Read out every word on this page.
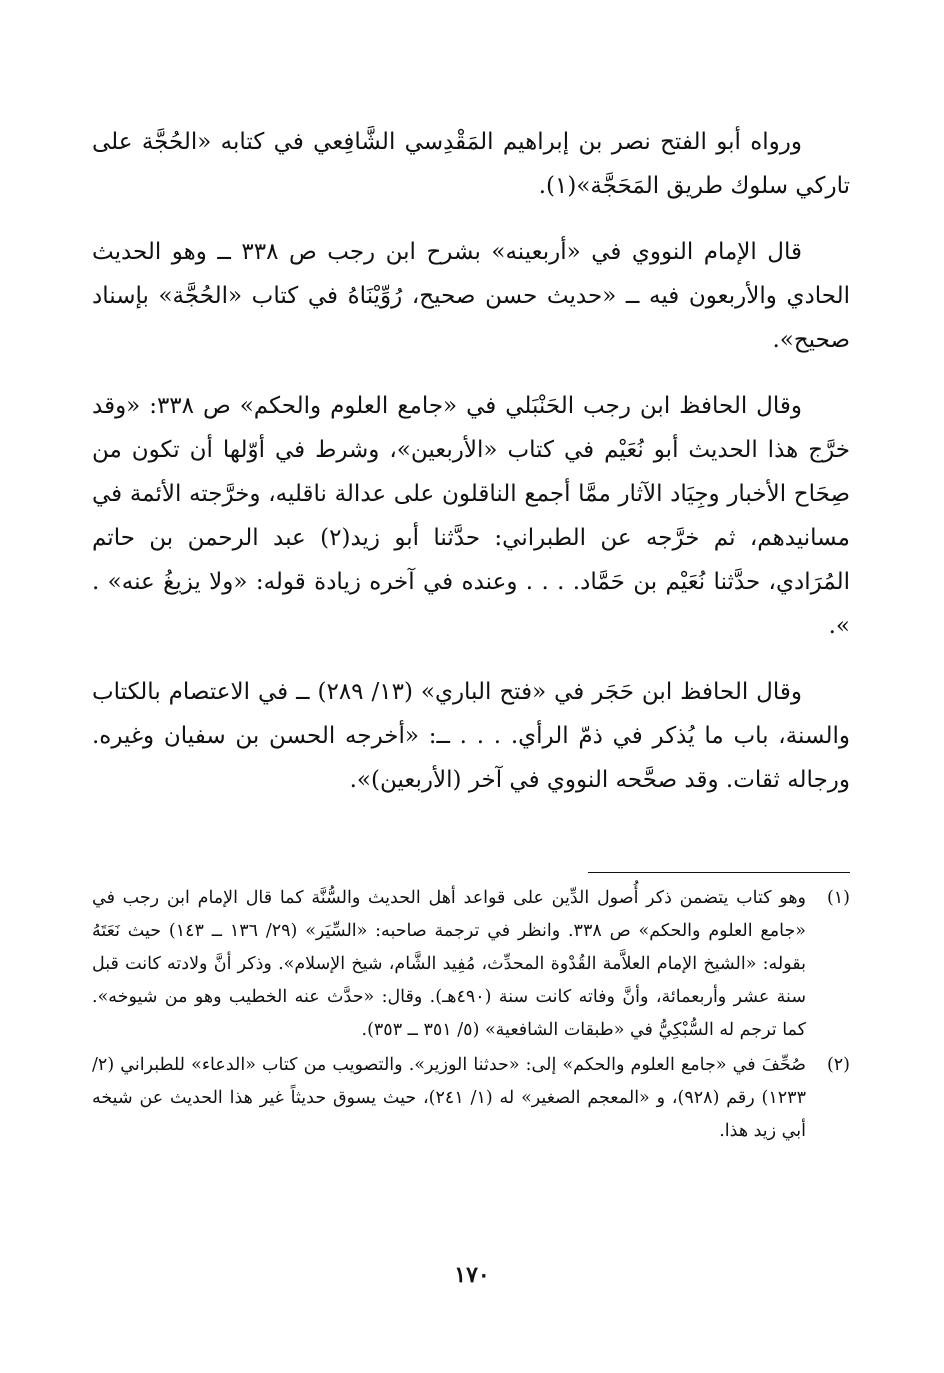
ورواه أبو الفتح نصر بن إبراهيم المَقْدِسي الشَّافِعي في كتابه «الحُجَّة على تاركي سلوك طريق المَحَجَّة»(١).

قال الإمام النووي في «أربعينه» بشرح ابن رجب ص ٣٣٨ ــ وهو الحديث الحادي والأربعون فيه ــ «حديث حسن صحيح، رُوِّيْنَاهُ في كتاب «الحُجَّة» بإسناد صحيح».

وقال الحافظ ابن رجب الحَنْبَلي في «جامع العلوم والحكم» ص ٣٣٨: «وقد خرَّج هذا الحديث أبو نُعَيْم في كتاب «الأربعين»، وشرط في أوّلها أن تكون من صِحَاح الأخبار وجِيَاد الآثار ممَّا أجمع الناقلون على عدالة ناقليه، وخرَّجته الأئمة في مسانيدهم، ثم خرَّجه عن الطبراني: حدَّثنا أبو زيد(٢) عبد الرحمن بن حاتم المُرَادي، حدَّثنا نُعَيْم بن حَمَّاد. . . . وعنده في آخره زيادة قوله: «ولا يزيغُ عنه» . ».

وقال الحافظ ابن حَجَر في «فتح الباري» (١٣/ ٢٨٩) ــ في الاعتصام بالكتاب والسنة، باب ما يُذكر في ذمّ الرأي. . . . ــ: «أخرجه الحسن بن سفيان وغيره. ورجاله ثقات. وقد صحَّحه النووي في آخر (الأربعين)».

(١)
وهو كتاب يتضمن ذكر أُصول الدِّين على قواعد أهل الحديث والسُّنَّة كما قال الإمام ابن رجب في «جامع العلوم والحكم» ص ٣٣٨. وانظر في ترجمة صاحبه: «السِّيَر» (٢٩/ ١٣٦ ــ ١٤٣) حيث نَعَتَهُ بقوله: «الشيخ الإمام العلاَّمة القُدْوة المحدِّث، مُفِيد الشَّام، شيخ الإسلام». وذكر أنَّ ولادته كانت قبل سنة عشر وأربعمائة، وأنَّ وفاته كانت سنة (٤٩٠هـ). وقال: «حدَّث عنه الخطيب وهو من شيوخه». كما ترجم له السُّبْكِيُّ في «طبقات الشافعية» (٥/ ٣٥١ ــ ٣٥٣).
(٢)
صُحِّفَ في «جامع العلوم والحكم» إلى: «حدثنا الوزير». والتصويب من كتاب «الدعاء» للطبراني (٢/ ١٢٣٣) رقم (٩٢٨)، و «المعجم الصغير» له (١/ ٢٤١)، حيث يسوق حديثاً غير هذا الحديث عن شيخه أبي زيد هذا.
١٧٠
